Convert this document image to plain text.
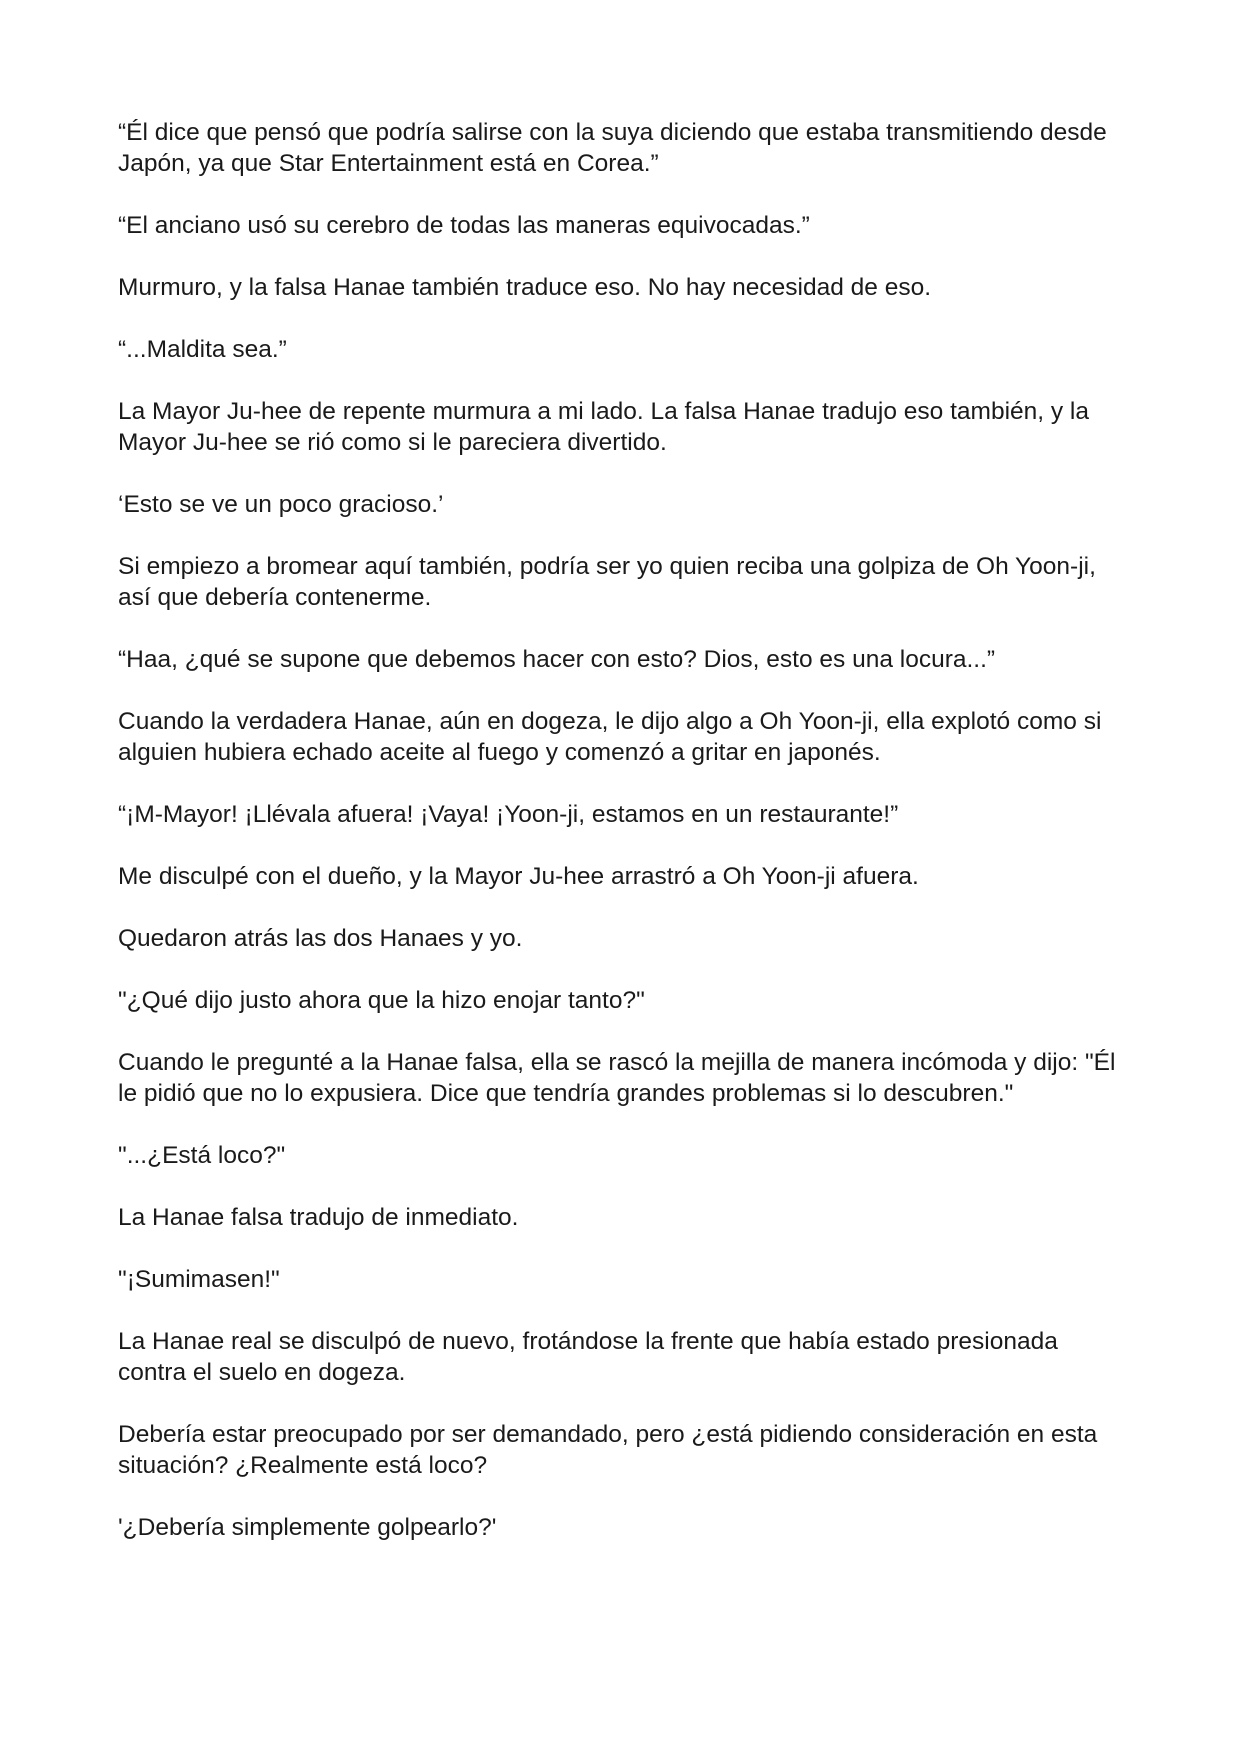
“Él dice que pensó que podría salirse con la suya diciendo que estaba transmitiendo desde Japón, ya que Star Entertainment está en Corea.”

“El anciano usó su cerebro de todas las maneras equivocadas.”

Murmuro, y la falsa Hanae también traduce eso. No hay necesidad de eso.

“...Maldita sea.”

La Mayor Ju-hee de repente murmura a mi lado. La falsa Hanae tradujo eso también, y la Mayor Ju-hee se rió como si le pareciera divertido.

‘Esto se ve un poco gracioso.’

Si empiezo a bromear aquí también, podría ser yo quien reciba una golpiza de Oh Yoon-ji, así que debería contenerme.

“Haa, ¿qué se supone que debemos hacer con esto? Dios, esto es una locura...”

Cuando la verdadera Hanae, aún en dogeza, le dijo algo a Oh Yoon-ji, ella explotó como si alguien hubiera echado aceite al fuego y comenzó a gritar en japonés.

“¡M-Mayor! ¡Llévala afuera! ¡Vaya! ¡Yoon-ji, estamos en un restaurante!”

Me disculpé con el dueño, y la Mayor Ju-hee arrastró a Oh Yoon-ji afuera.

Quedaron atrás las dos Hanaes y yo.

"¿Qué dijo justo ahora que la hizo enojar tanto?"

Cuando le pregunté a la Hanae falsa, ella se rascó la mejilla de manera incómoda y dijo: "Él le pidió que no lo expusiera. Dice que tendría grandes problemas si lo descubren."

"...¿Está loco?"

La Hanae falsa tradujo de inmediato.

"¡Sumimasen!"

La Hanae real se disculpó de nuevo, frotándose la frente que había estado presionada contra el suelo en dogeza.

Debería estar preocupado por ser demandado, pero ¿está pidiendo consideración en esta situación? ¿Realmente está loco?

'¿Debería simplemente golpearlo?'
